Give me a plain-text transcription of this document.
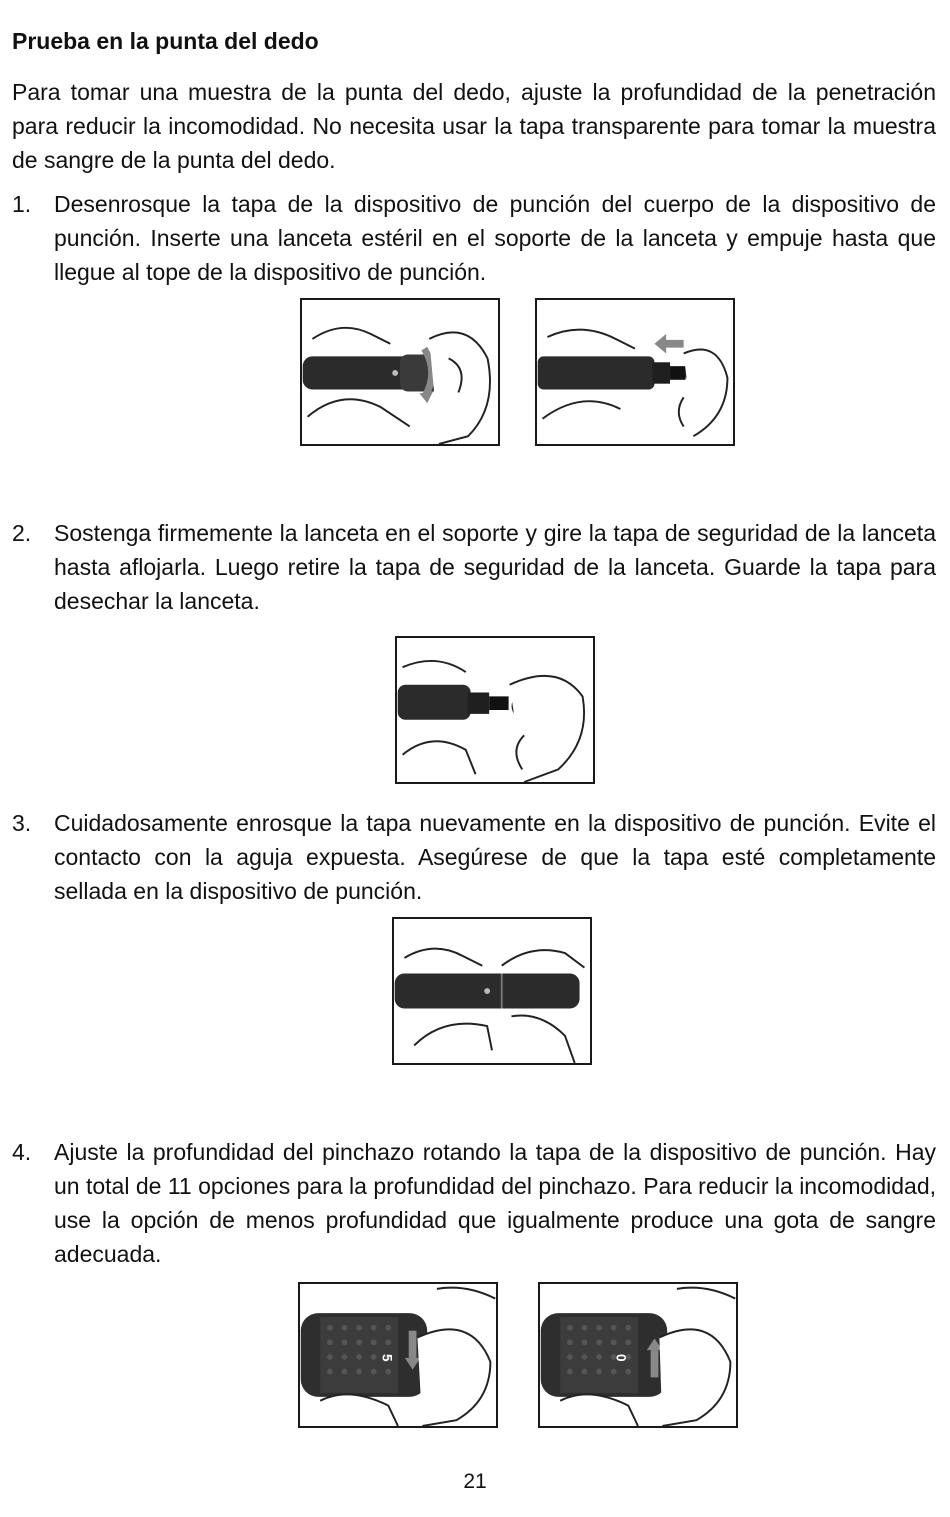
Prueba en la punta del dedo
Para tomar una muestra de la punta del dedo, ajuste la profundidad de la penetración para reducir la incomodidad. No necesita usar la tapa transparente para tomar la muestra de sangre de la punta del dedo.
1. Desenrosque la tapa de la dispositivo de punción del cuerpo de la dispositivo de punción. Inserte una lanceta estéril en el soporte de la lanceta y empuje hasta que llegue al tope de la dispositivo de punción.
2. Sostenga firmemente la lanceta en el soporte y gire la tapa de seguridad de la lanceta hasta aflojarla. Luego retire la tapa de seguridad de la lanceta. Guarde la tapa para desechar la lanceta.
3. Cuidadosamente enrosque la tapa nuevamente en la dispositivo de punción. Evite el contacto con la aguja expuesta. Asegúrese de que la tapa esté completamente sellada en la dispositivo de punción.
4. Ajuste la profundidad del pinchazo rotando la tapa de la dispositivo de punción. Hay un total de 11 opciones para la profundidad del pinchazo. Para reducir la incomodidad, use la opción de menos profundidad que igualmente produce una gota de sangre adecuada.
5	0
21
